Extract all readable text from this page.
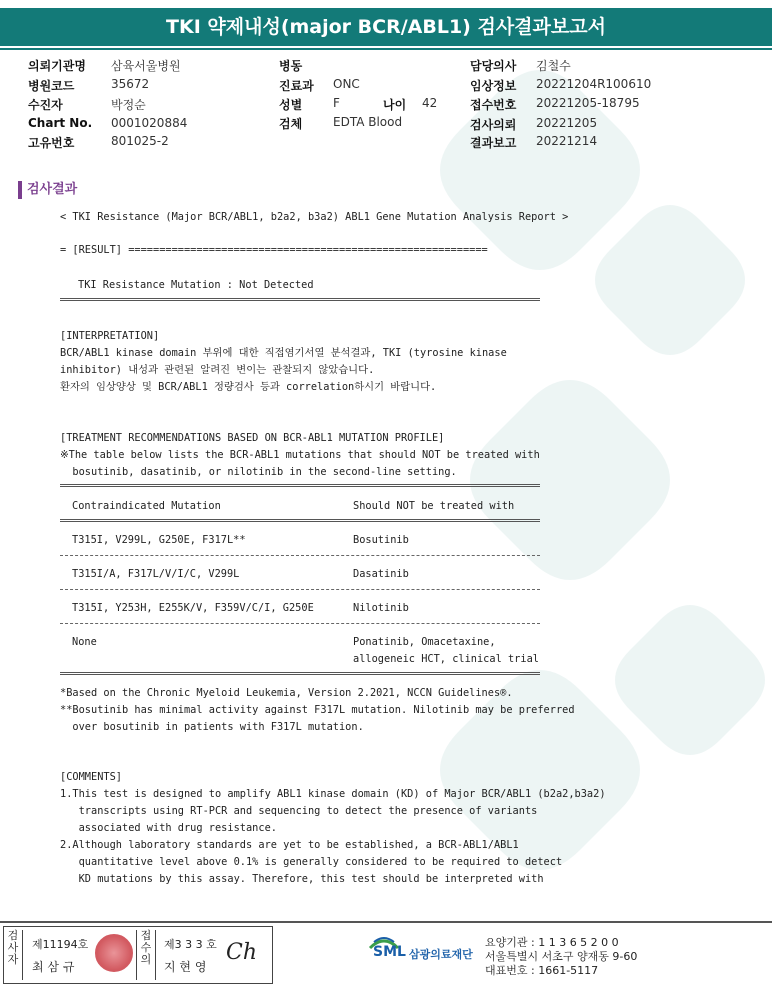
TKI 약제내성(major BCR/ABL1) 검사결과보고서
의뢰기관명 삼육서울병원
병원코드	35672
수진자	박정순
Chart No. 0001020884
고유번호	801025-2
병동
진료과 ONC
성별	F	나이 42
검체	EDTA Blood
담당의사 김철수
임상정보 20221204R100610
접수번호 20221205-18795
검사의뢰 20221205
결과보고 20221214
검사결과
< TKI Resistance (Major BCR/ABL1, b2a2, b3a2) ABL1 Gene Mutation Analysis Report >
= [RESULT] ==========================================================
TKI Resistance Mutation : Not Detected
[INTERPRETATION]
BCR/ABL1 kinase domain 부위에 대한 직접염기서열 분석결과, TKI (tyrosine kinase
inhibitor) 내성과 관련된 알려진 변이는 관찰되지 않았습니다.
환자의 임상양상 및 BCR/ABL1 정량검사 등과 correlation하시기 바랍니다.
[TREATMENT RECOMMENDATIONS BASED ON BCR-ABL1 MUTATION PROFILE]
※The table below lists the BCR-ABL1 mutations that should NOT be treated with
bosutinib, dasatinib, or nilotinib in the second-line setting.
Contraindicated Mutation	Should NOT be treated with
T315I, V299L, G250E, F317L**	Bosutinib
T315I/A, F317L/V/I/C, V299L	Dasatinib
T315I, Y253H, E255K/V, F359V/C/I, G250E	Nilotinib
None	Ponatinib, Omacetaxine,
allogeneic HCT, clinical trial
*Based on the Chronic Myeloid Leukemia, Version 2.2021, NCCN Guidelines®.
**Bosutinib has minimal activity against F317L mutation. Nilotinib may be preferred
over bosutinib in patients with F317L mutation.
[COMMENTS]
1.This test is designed to amplify ABL1 kinase domain (KD) of Major BCR/ABL1 (b2a2,b3a2)
transcripts using RT-PCR and sequencing to detect the presence of variants
associated with drug resistance.
2.Although laboratory standards are yet to be established, a BCR-ABL1/ABL1
quantitative level above 0.1% is generally considered to be required to detect
KD mutations by this assay. Therefore, this test should be interpreted with
검사자
제11194호
최 삼 규
접수의
제3 3 3 호
지 현 영
Ch	SML 삼광의료재단
요양기관 : 1 1 3 6 5 2 0 0
서울특별시 서초구 양재동 9-60
대표번호 : 1661-5117
